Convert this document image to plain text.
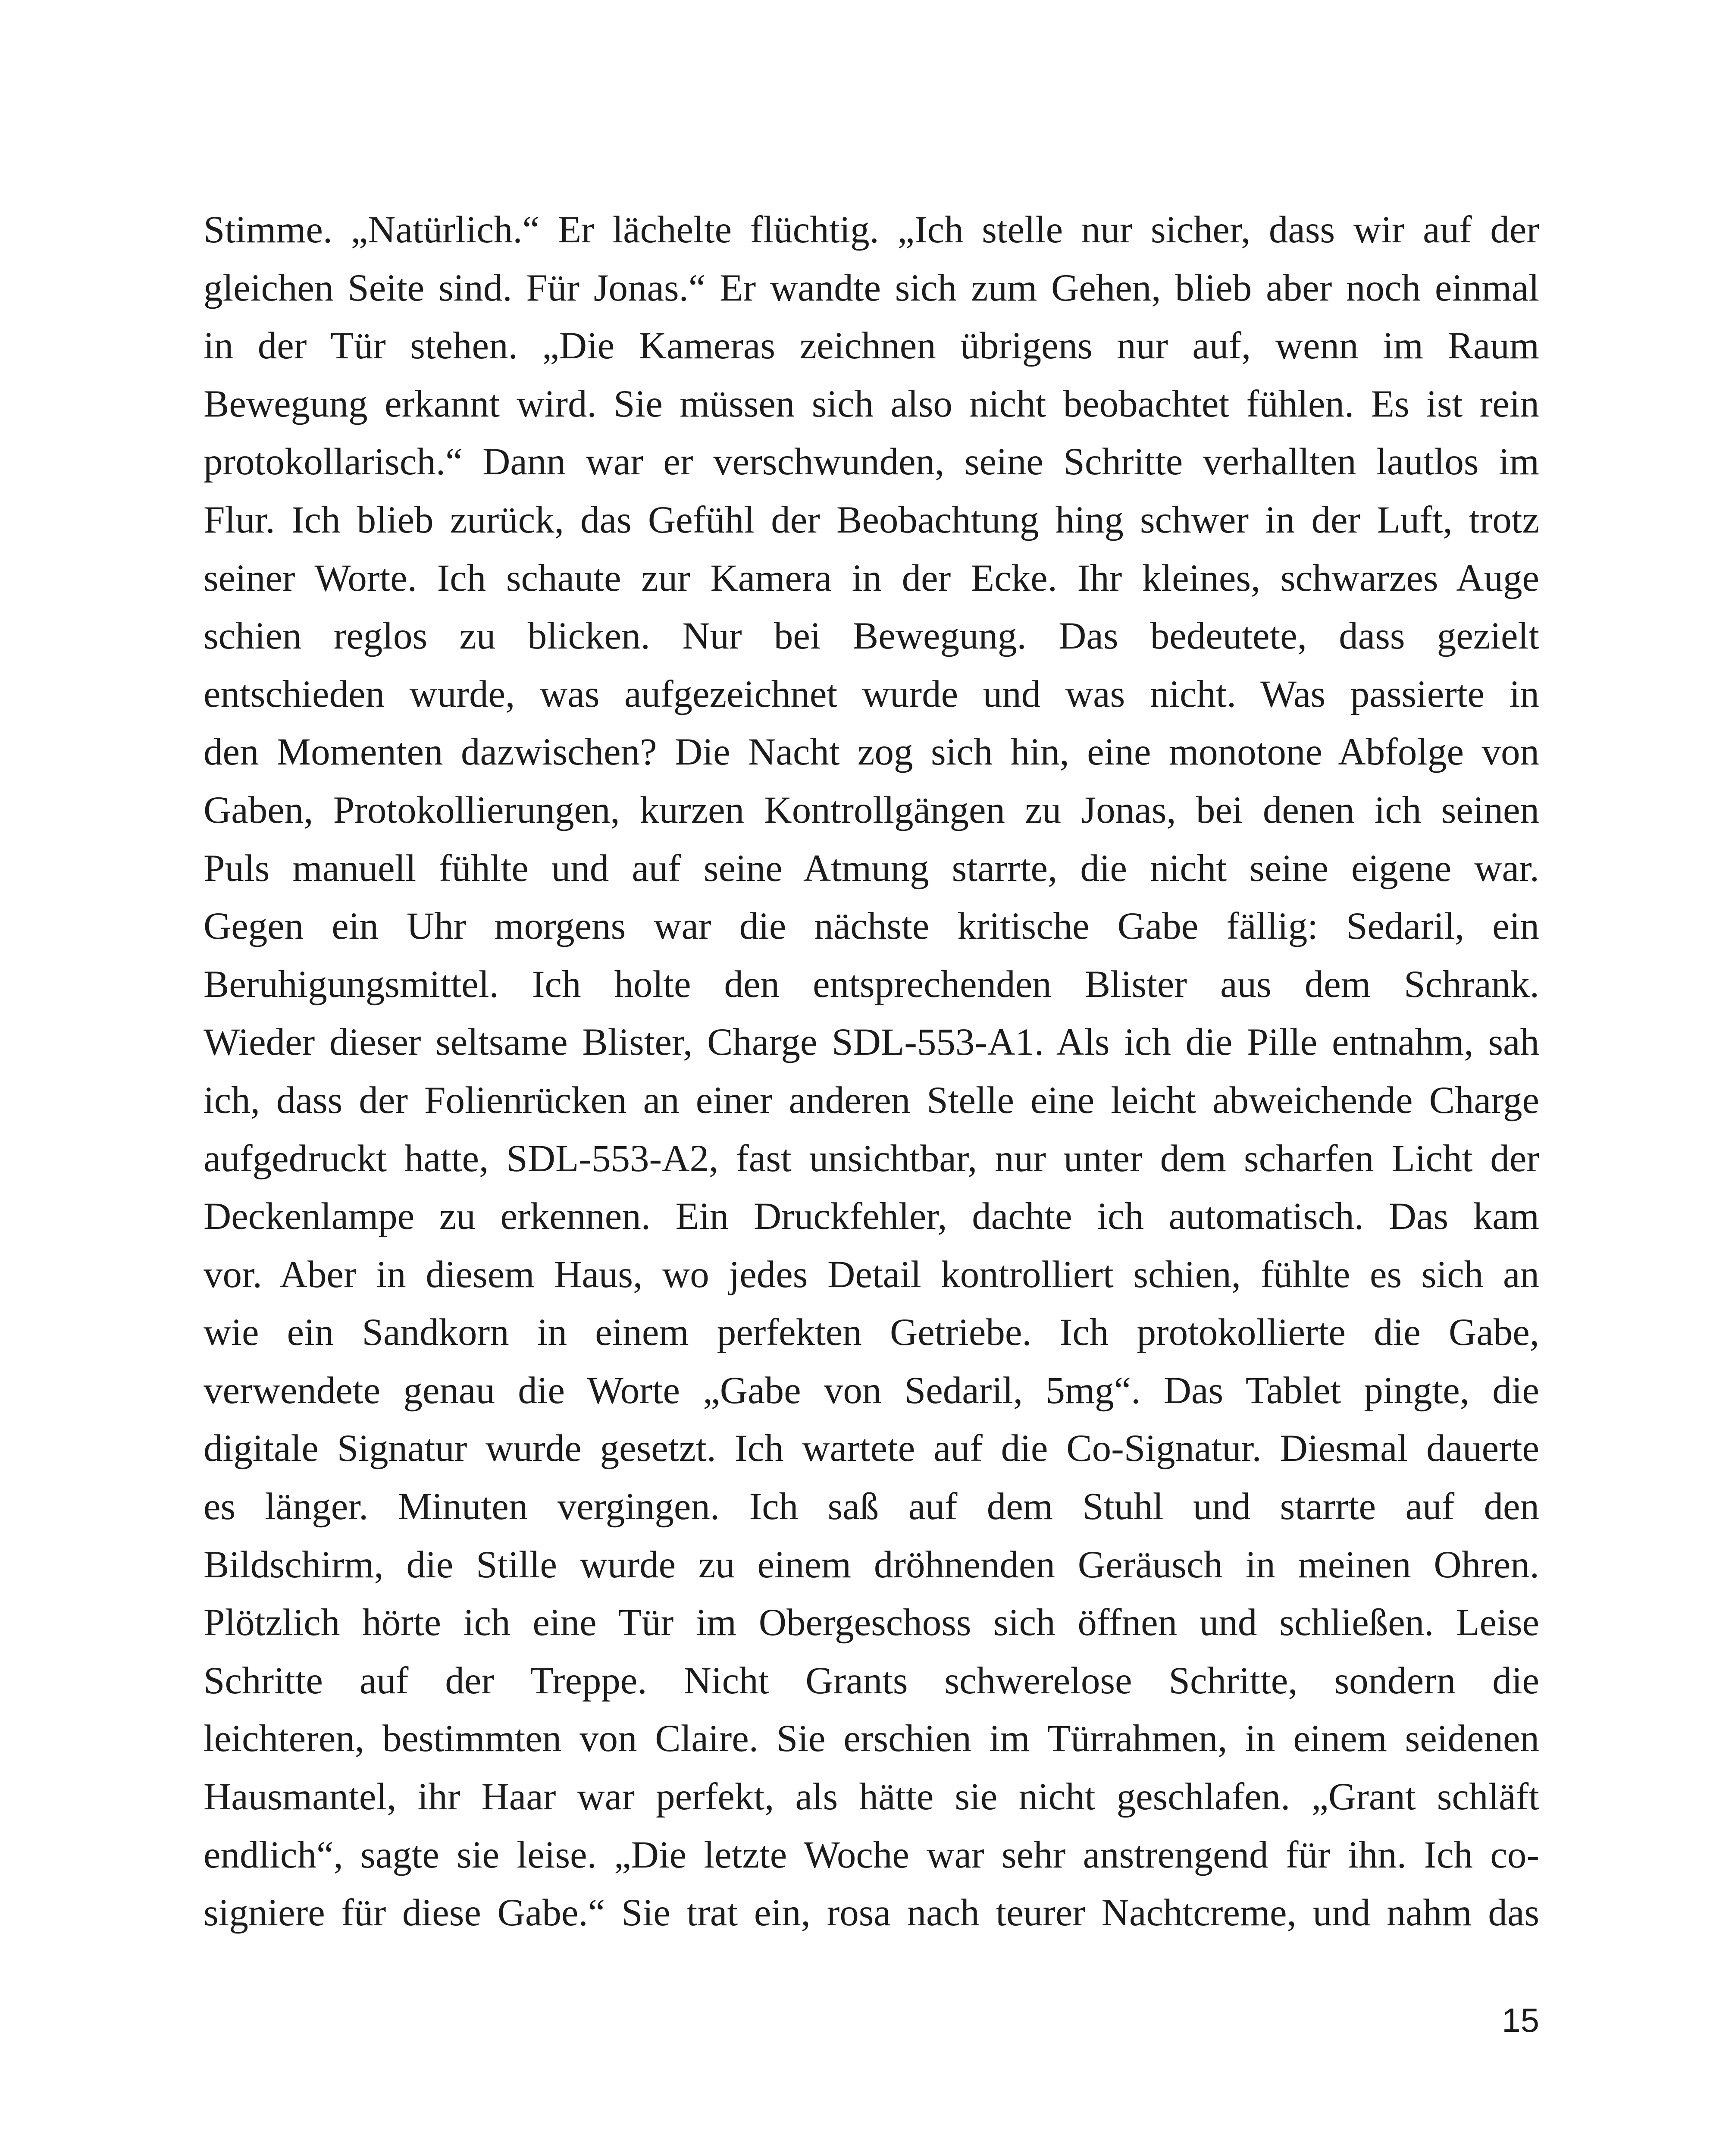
Stimme. „Natürlich.“ Er lächelte flüchtig. „Ich stelle nur sicher, dass wir auf der
gleichen Seite sind. Für Jonas.“ Er wandte sich zum Gehen, blieb aber noch einmal
in der Tür stehen. „Die Kameras zeichnen übrigens nur auf, wenn im Raum
Bewegung erkannt wird. Sie müssen sich also nicht beobachtet fühlen. Es ist rein
protokollarisch.“ Dann war er verschwunden, seine Schritte verhallten lautlos im
Flur. Ich blieb zurück, das Gefühl der Beobachtung hing schwer in der Luft, trotz
seiner Worte. Ich schaute zur Kamera in der Ecke. Ihr kleines, schwarzes Auge
schien reglos zu blicken. Nur bei Bewegung. Das bedeutete, dass gezielt
entschieden wurde, was aufgezeichnet wurde und was nicht. Was passierte in
den Momenten dazwischen? Die Nacht zog sich hin, eine monotone Abfolge von
Gaben, Protokollierungen, kurzen Kontrollgängen zu Jonas, bei denen ich seinen
Puls manuell fühlte und auf seine Atmung starrte, die nicht seine eigene war.
Gegen ein Uhr morgens war die nächste kritische Gabe fällig: Sedaril, ein
Beruhigungsmittel. Ich holte den entsprechenden Blister aus dem Schrank.
Wieder dieser seltsame Blister, Charge SDL-553-A1. Als ich die Pille entnahm, sah
ich, dass der Folienrücken an einer anderen Stelle eine leicht abweichende Charge
aufgedruckt hatte, SDL-553-A2, fast unsichtbar, nur unter dem scharfen Licht der
Deckenlampe zu erkennen. Ein Druckfehler, dachte ich automatisch. Das kam
vor. Aber in diesem Haus, wo jedes Detail kontrolliert schien, fühlte es sich an
wie ein Sandkorn in einem perfekten Getriebe. Ich protokollierte die Gabe,
verwendete genau die Worte „Gabe von Sedaril, 5mg“. Das Tablet pingte, die
digitale Signatur wurde gesetzt. Ich wartete auf die Co-Signatur. Diesmal dauerte
es länger. Minuten vergingen. Ich saß auf dem Stuhl und starrte auf den
Bildschirm, die Stille wurde zu einem dröhnenden Geräusch in meinen Ohren.
Plötzlich hörte ich eine Tür im Obergeschoss sich öffnen und schließen. Leise
Schritte auf der Treppe. Nicht Grants schwerelose Schritte, sondern die
leichteren, bestimmten von Claire. Sie erschien im Türrahmen, in einem seidenen
Hausmantel, ihr Haar war perfekt, als hätte sie nicht geschlafen. „Grant schläft
endlich“, sagte sie leise. „Die letzte Woche war sehr anstrengend für ihn. Ich co-
signiere für diese Gabe.“ Sie trat ein, rosa nach teurer Nachtcreme, und nahm das
15
